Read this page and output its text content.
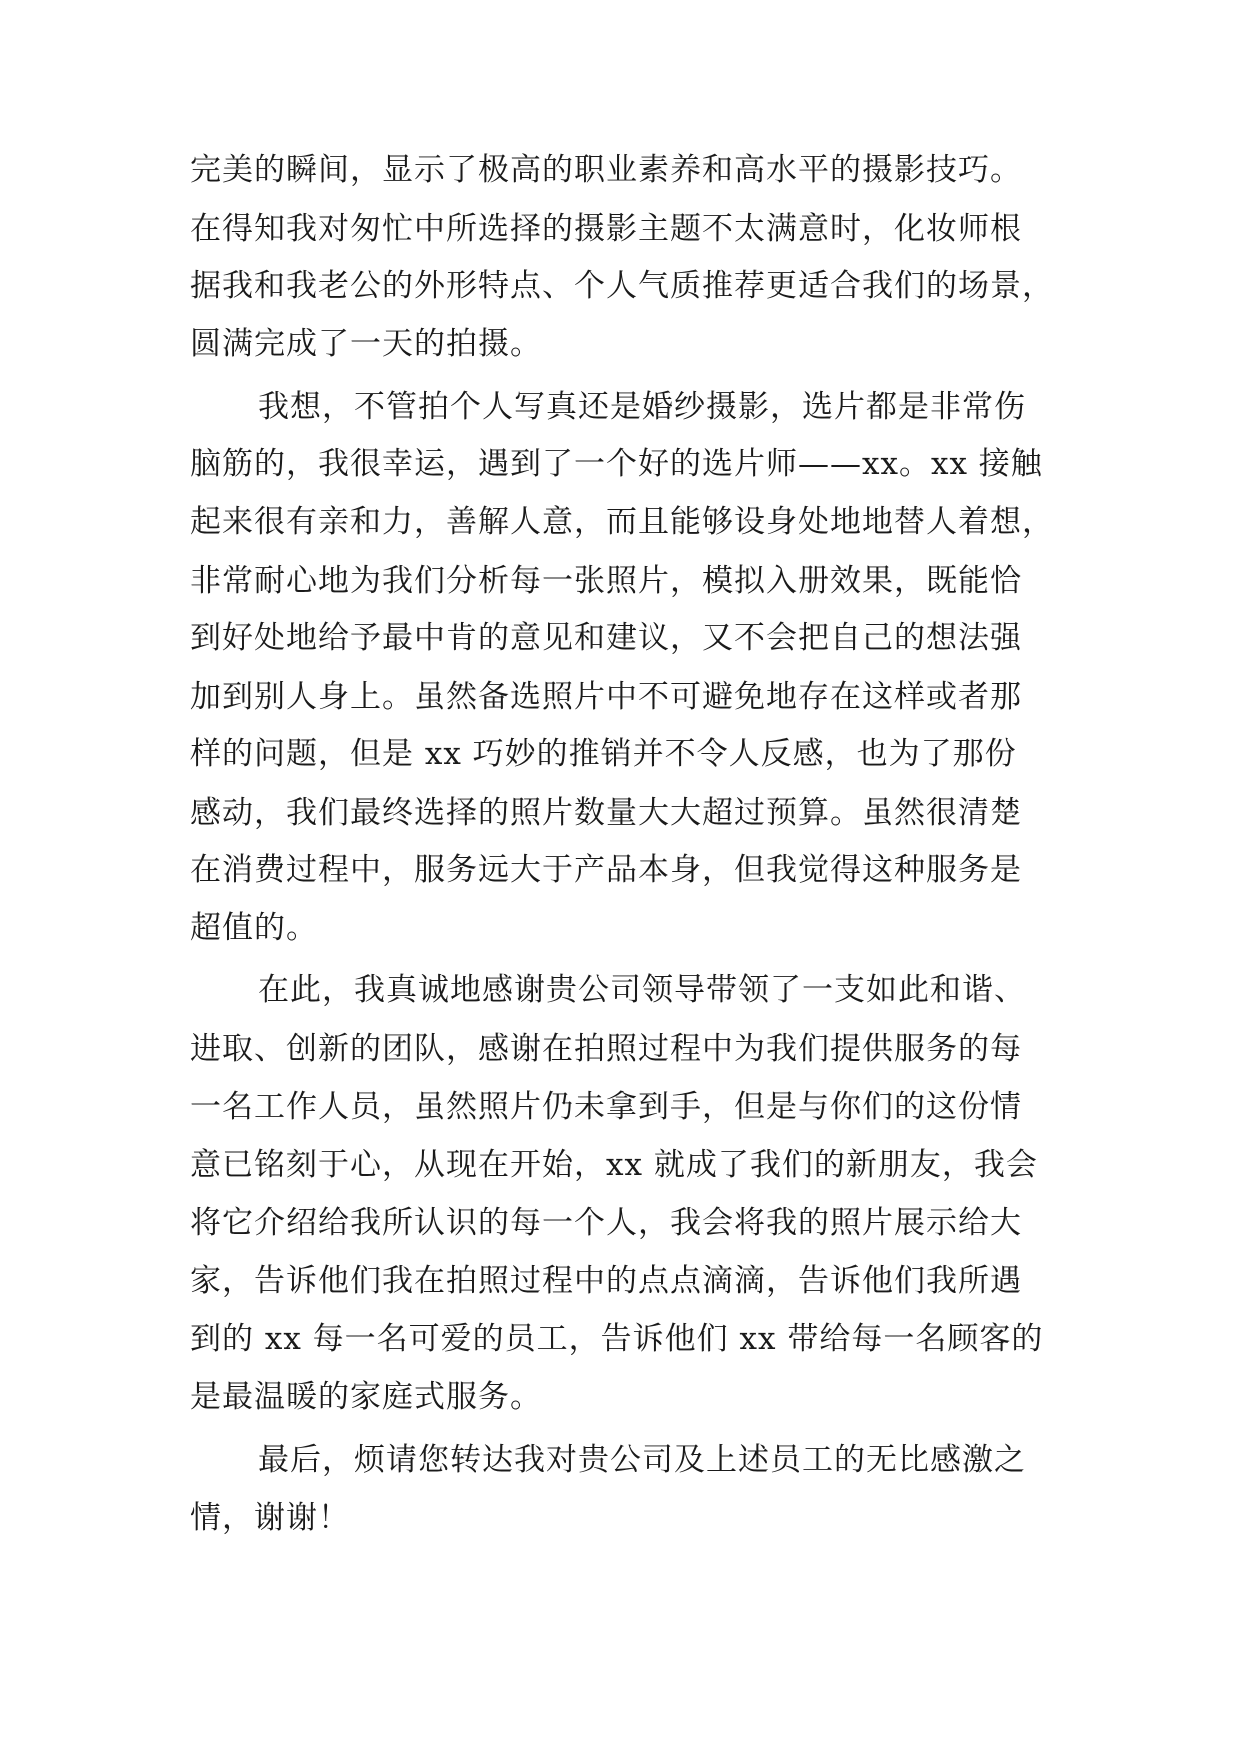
完美的瞬间，显示了极高的职业素养和高水平的摄影技巧。
在得知我对匆忙中所选择的摄影主题不太满意时，化妆师根
据我和我老公的外形特点、个人气质推荐更适合我们的场景，
圆满完成了一天的拍摄。
我想，不管拍个人写真还是婚纱摄影，选片都是非常伤
脑筋的，我很幸运，遇到了一个好的选片师——xx。xx 接触
起来很有亲和力，善解人意，而且能够设身处地地替人着想，
非常耐心地为我们分析每一张照片，模拟入册效果，既能恰
到好处地给予最中肯的意见和建议，又不会把自己的想法强
加到别人身上。虽然备选照片中不可避免地存在这样或者那
样的问题，但是 xx 巧妙的推销并不令人反感，也为了那份
感动，我们最终选择的照片数量大大超过预算。虽然很清楚
在消费过程中，服务远大于产品本身，但我觉得这种服务是
超值的。
在此，我真诚地感谢贵公司领导带领了一支如此和谐、
进取、创新的团队，感谢在拍照过程中为我们提供服务的每
一名工作人员，虽然照片仍未拿到手，但是与你们的这份情
意已铭刻于心，从现在开始，xx 就成了我们的新朋友，我会
将它介绍给我所认识的每一个人，我会将我的照片展示给大
家，告诉他们我在拍照过程中的点点滴滴，告诉他们我所遇
到的 xx 每一名可爱的员工，告诉他们 xx 带给每一名顾客的
是最温暖的家庭式服务。
最后，烦请您转达我对贵公司及上述员工的无比感激之
情，谢谢！
